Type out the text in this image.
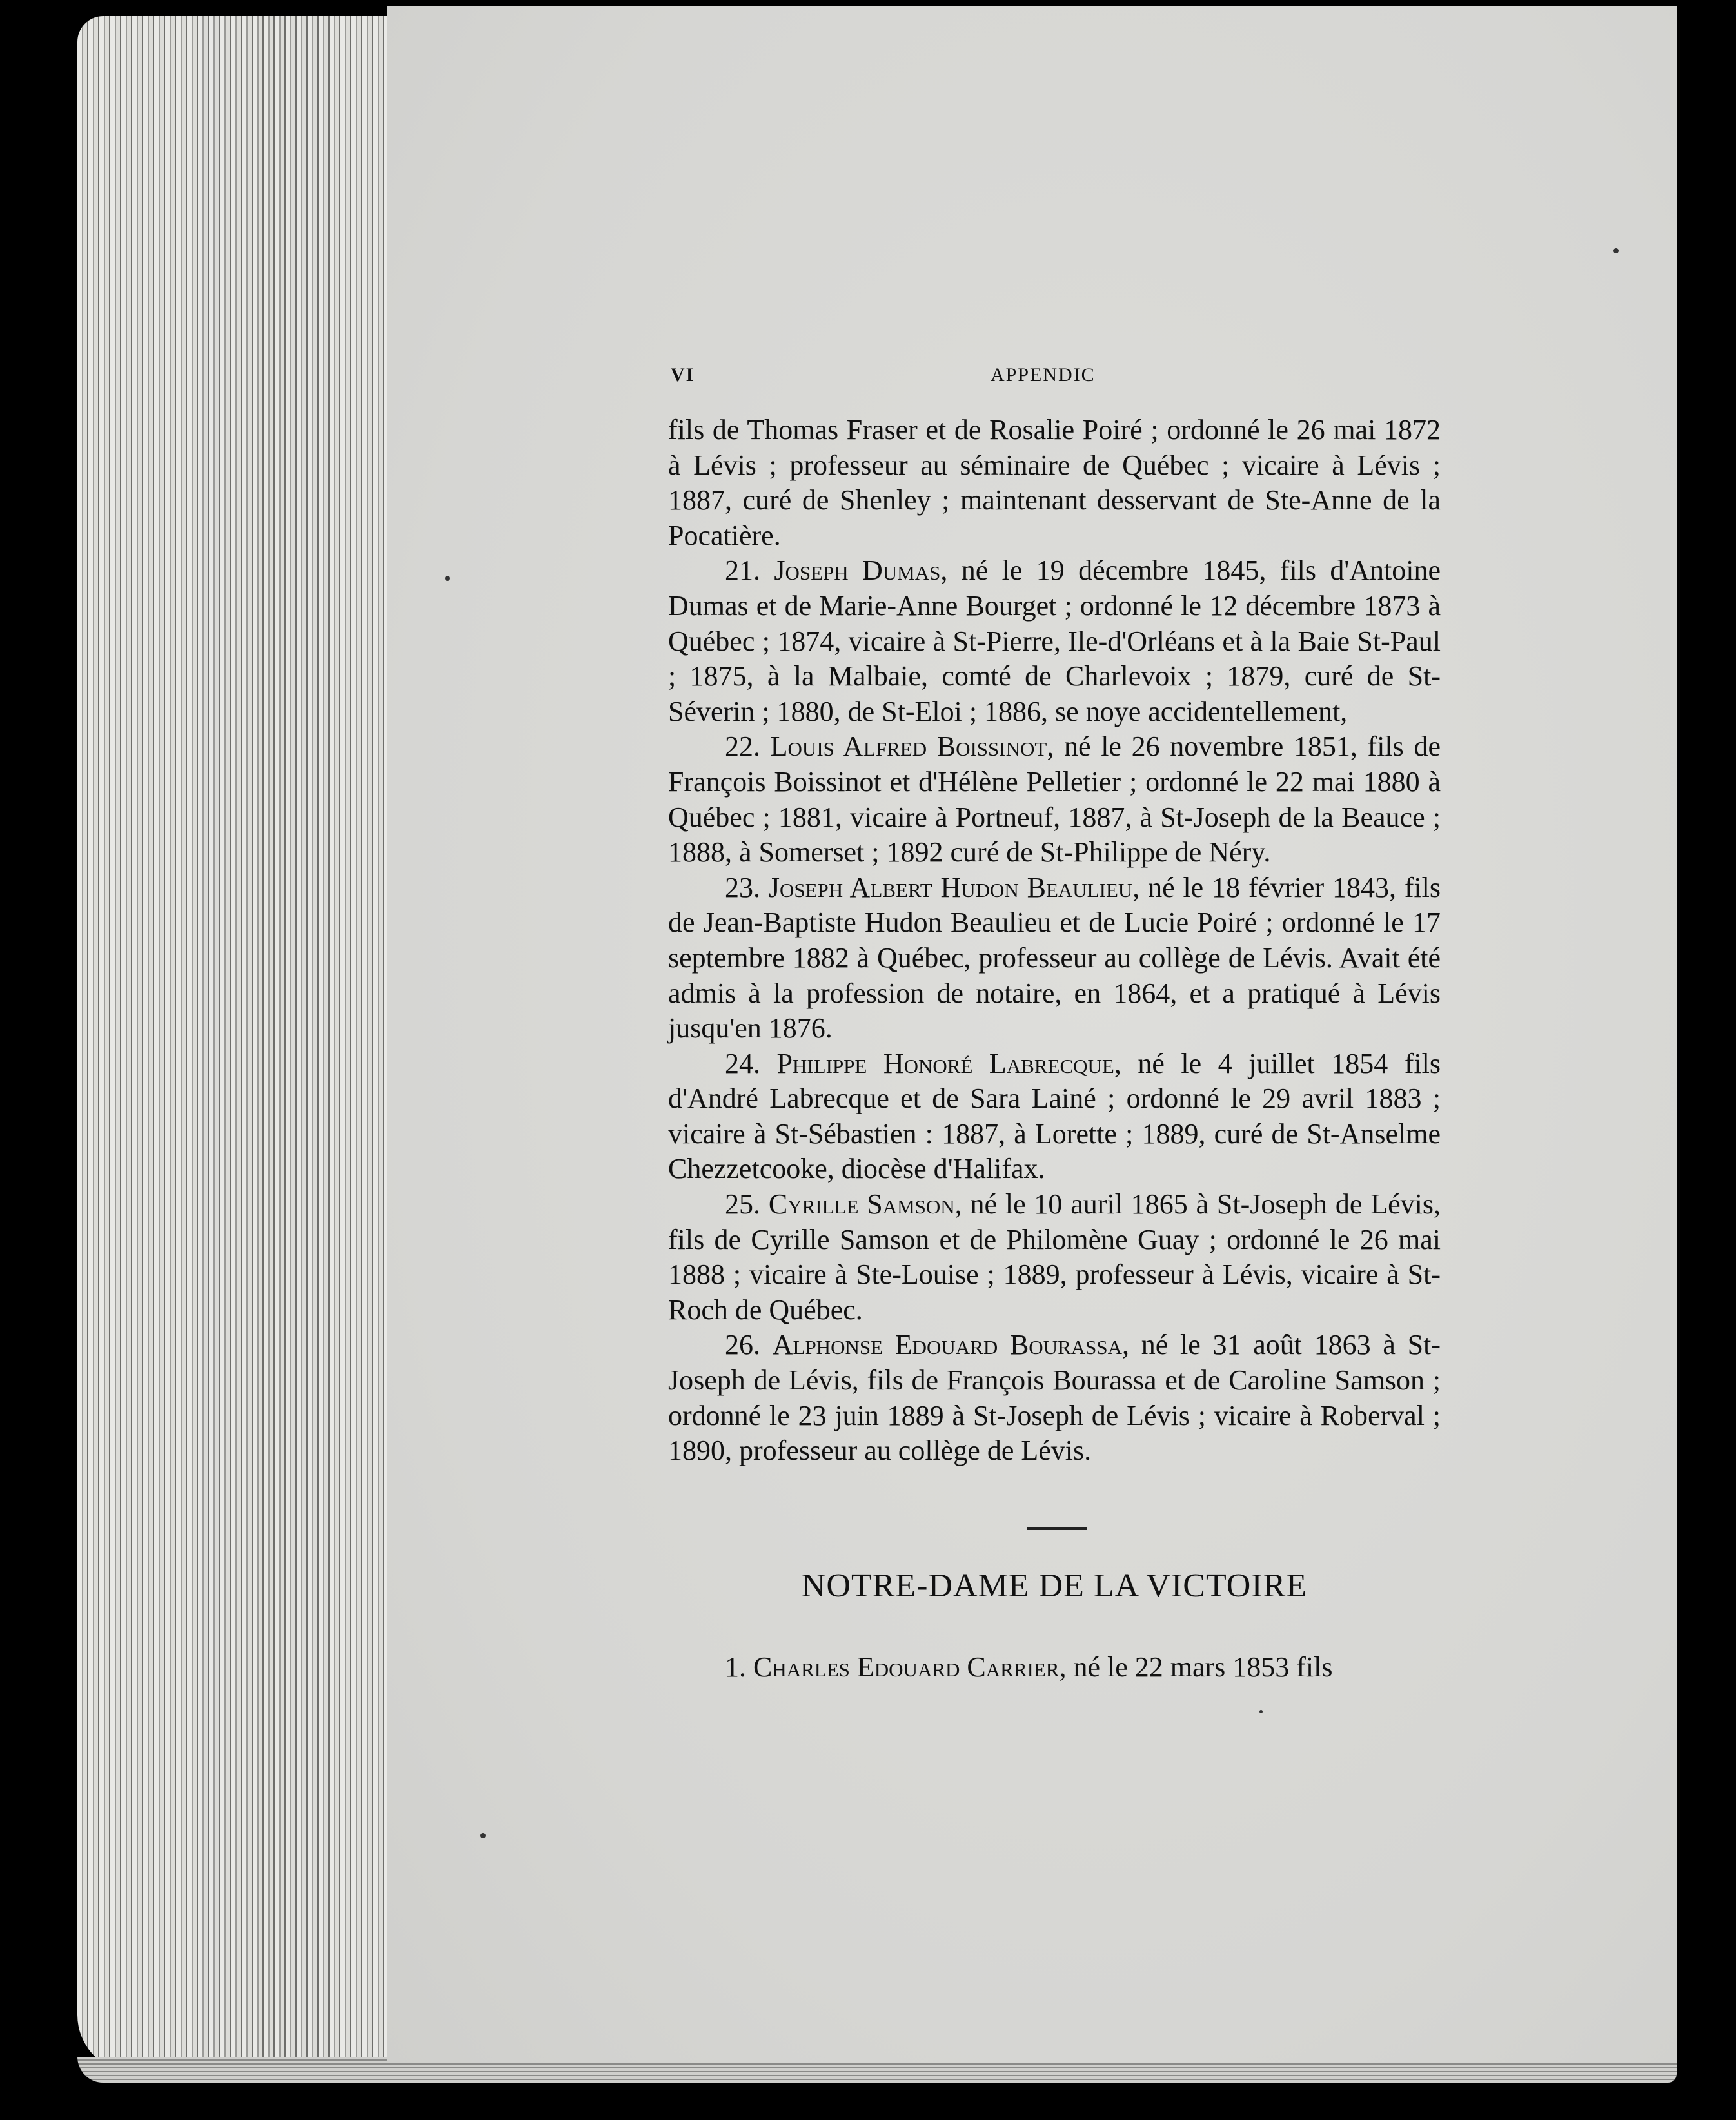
VI	APPENDIC

fils de Thomas Fraser et de Rosalie Poiré ; ordonné le 26 mai 1872 à Lévis ; professeur au séminaire de Québec ; vicaire à Lévis ; 1887, curé de Shenley ; maintenant desservant de Ste-Anne de la Pocatière.

21. Joseph Dumas, né le 19 décembre 1845, fils d'Antoine Dumas et de Marie-Anne Bourget ; ordonné le 12 décembre 1873 à Québec ; 1874, vicaire à St-Pierre, Ile-d'Orléans et à la Baie St-Paul ; 1875, à la Malbaie, comté de Charlevoix ; 1879, curé de St-Séverin ; 1880, de St-Eloi ; 1886, se noye accidentellement,

22. Louis Alfred Boissinot, né le 26 novembre 1851, fils de François Boissinot et d'Hélène Pelletier ; ordonné le 22 mai 1880 à Québec ; 1881, vicaire à Portneuf, 1887, à St-Joseph de la Beauce ; 1888, à Somerset ; 1892 curé de St-Philippe de Néry.

23. Joseph Albert Hudon Beaulieu, né le 18 février 1843, fils de Jean-Baptiste Hudon Beaulieu et de Lucie Poiré ; ordonné le 17 septembre 1882 à Québec, professeur au collège de Lévis. Avait été admis à la profession de notaire, en 1864, et a pratiqué à Lévis jusqu'en 1876.

24. Philippe Honoré Labrecque, né le 4 juillet 1854 fils d'André Labrecque et de Sara Lainé ; ordonné le 29 avril 1883 ; vicaire à St-Sébastien : 1887, à Lorette ; 1889, curé de St-Anselme Chezzetcooke, diocèse d'Halifax.

25. Cyrille Samson, né le 10 auril 1865 à St-Joseph de Lévis, fils de Cyrille Samson et de Philomène Guay ; ordonné le 26 mai 1888 ; vicaire à Ste-Louise ; 1889, professeur à Lévis, vicaire à St-Roch de Québec.

26. Alphonse Edouard Bourassa, né le 31 août 1863 à St-Joseph de Lévis, fils de François Bourassa et de Caroline Samson ; ordonné le 23 juin 1889 à St-Joseph de Lévis ; vicaire à Roberval ; 1890, professeur au collège de Lévis.

NOTRE-DAME DE LA VICTOIRE
1. Charles Edouard Carrier, né le 22 mars 1853 fils
